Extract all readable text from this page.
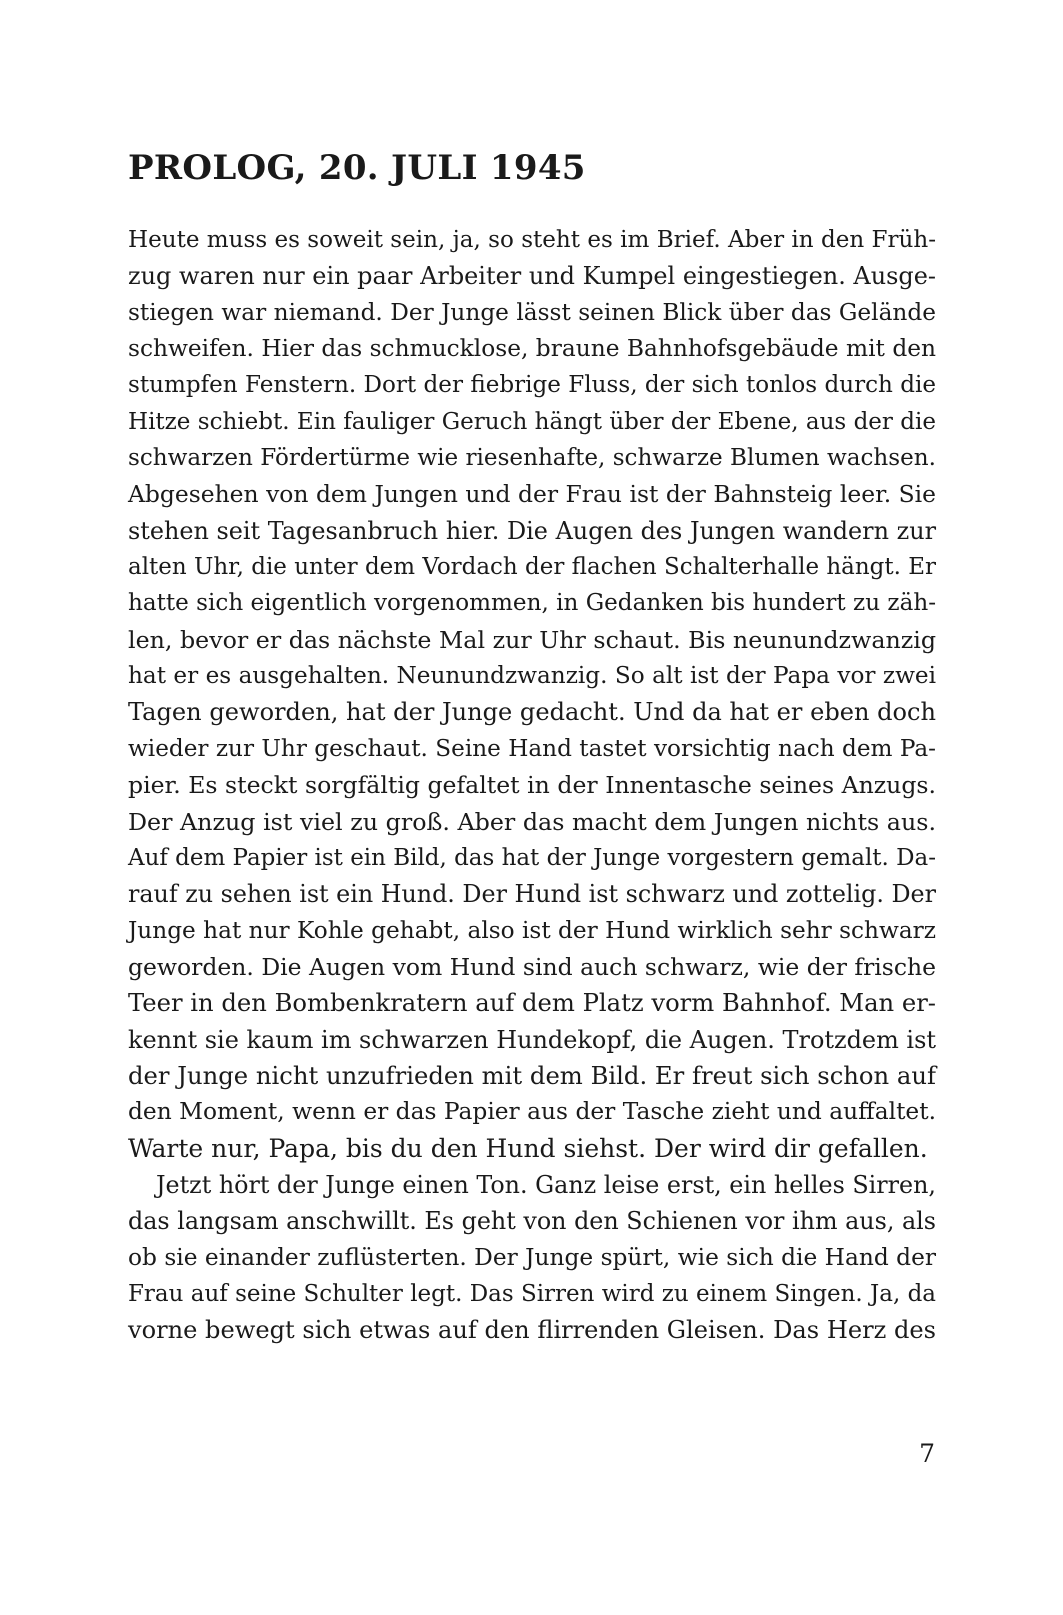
PROLOG, 20. JULI 1945
Heute muss es soweit sein, ja, so steht es im Brief. Aber in den Früh-
zug waren nur ein paar Arbeiter und Kumpel eingestiegen. Ausge-
stiegen war niemand. Der Junge lässt seinen Blick über das Gelände
schweifen. Hier das schmucklose, braune Bahnhofsgebäude mit den
stumpfen Fenstern. Dort der fiebrige Fluss, der sich tonlos durch die
Hitze schiebt. Ein fauliger Geruch hängt über der Ebene, aus der die
schwarzen Fördertürme wie riesenhafte, schwarze Blumen wachsen.
Abgesehen von dem Jungen und der Frau ist der Bahnsteig leer. Sie
stehen seit Tagesanbruch hier. Die Augen des Jungen wandern zur
alten Uhr, die unter dem Vordach der flachen Schalterhalle hängt. Er
hatte sich eigentlich vorgenommen, in Gedanken bis hundert zu zäh-
len, bevor er das nächste Mal zur Uhr schaut. Bis neunundzwanzig
hat er es ausgehalten. Neunundzwanzig. So alt ist der Papa vor zwei
Tagen geworden, hat der Junge gedacht. Und da hat er eben doch
wieder zur Uhr geschaut. Seine Hand tastet vorsichtig nach dem Pa-
pier. Es steckt sorgfältig gefaltet in der Innentasche seines Anzugs.
Der Anzug ist viel zu groß. Aber das macht dem Jungen nichts aus.
Auf dem Papier ist ein Bild, das hat der Junge vorgestern gemalt. Da-
rauf zu sehen ist ein Hund. Der Hund ist schwarz und zottelig. Der
Junge hat nur Kohle gehabt, also ist der Hund wirklich sehr schwarz
geworden. Die Augen vom Hund sind auch schwarz, wie der frische
Teer in den Bombenkratern auf dem Platz vorm Bahnhof. Man er-
kennt sie kaum im schwarzen Hundekopf, die Augen. Trotzdem ist
der Junge nicht unzufrieden mit dem Bild. Er freut sich schon auf
den Moment, wenn er das Papier aus der Tasche zieht und auffaltet.
Warte nur, Papa, bis du den Hund siehst. Der wird dir gefallen.
Jetzt hört der Junge einen Ton. Ganz leise erst, ein helles Sirren,
das langsam anschwillt. Es geht von den Schienen vor ihm aus, als
ob sie einander zuflüsterten. Der Junge spürt, wie sich die Hand der
Frau auf seine Schulter legt. Das Sirren wird zu einem Singen. Ja, da
vorne bewegt sich etwas auf den flirrenden Gleisen. Das Herz des
7
